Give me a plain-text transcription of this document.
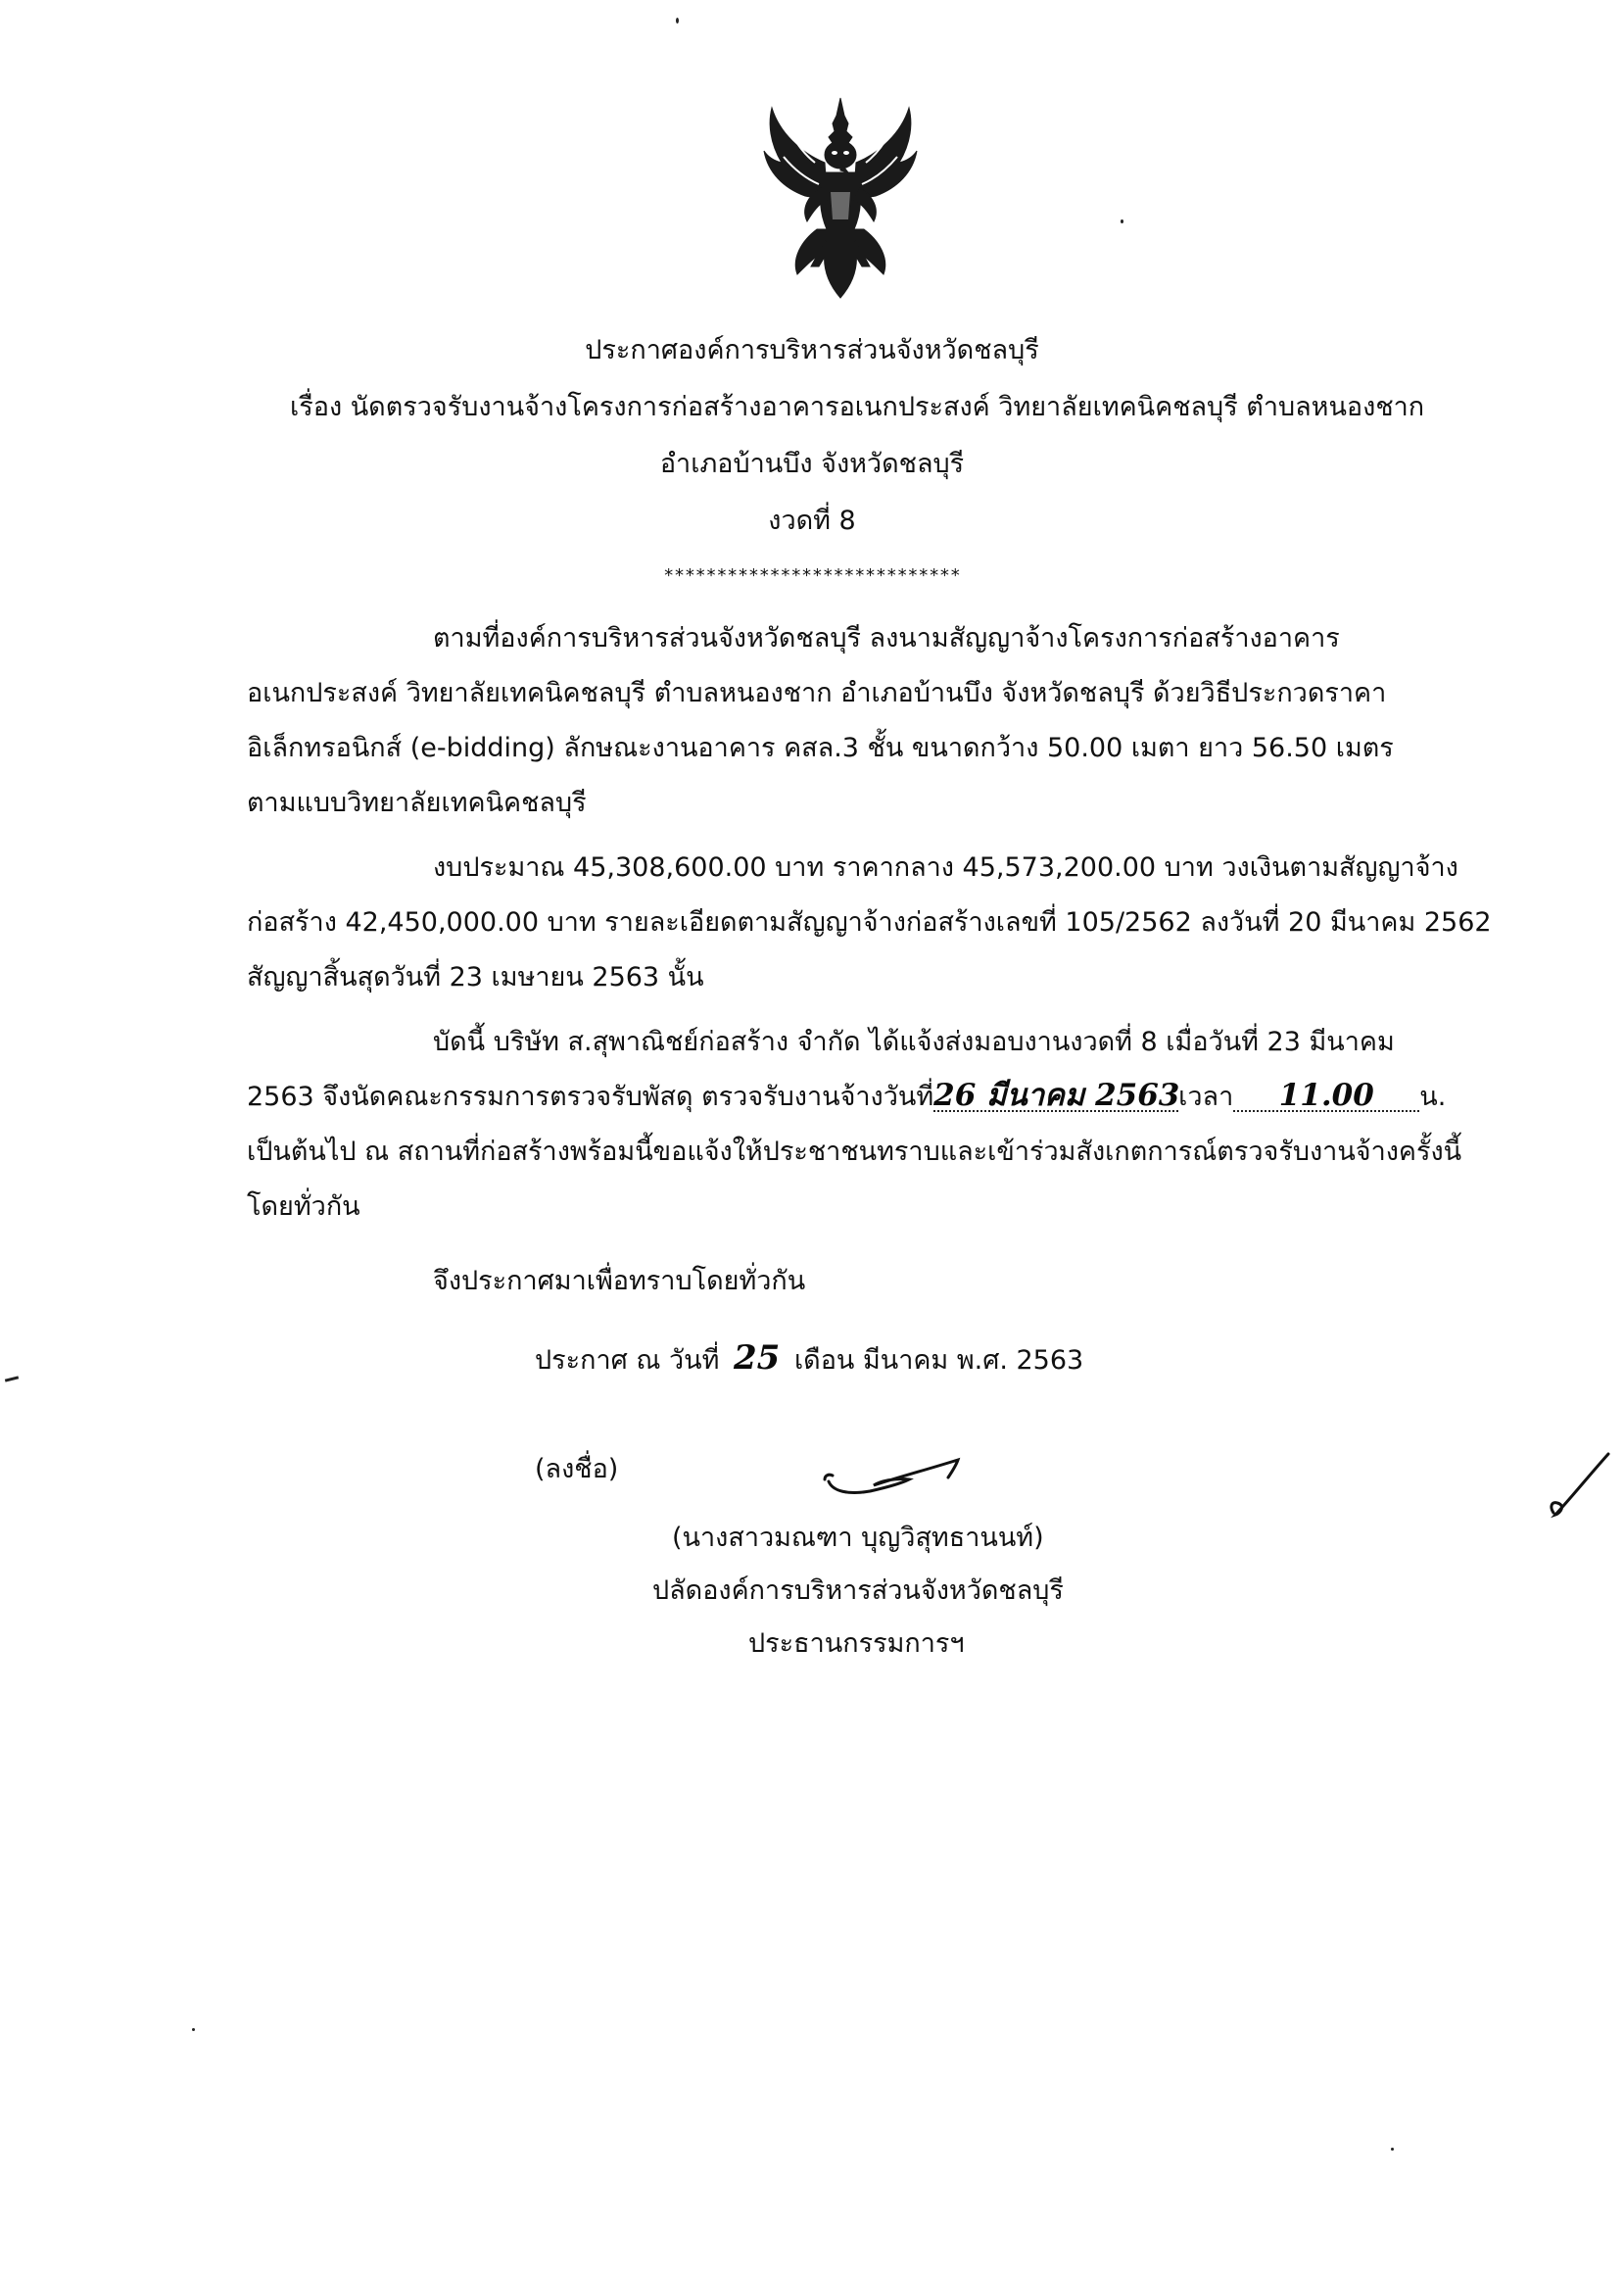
ประกาศองค์การบริหารส่วนจังหวัดชลบุรี
เรื่อง นัดตรวจรับงานจ้างโครงการก่อสร้างอาคารอเนกประสงค์ วิทยาลัยเทคนิคชลบุรี ตำบลหนองชาก
อำเภอบ้านบึง จังหวัดชลบุรี
งวดที่ 8
****************************
ตามที่องค์การบริหารส่วนจังหวัดชลบุรี ลงนามสัญญาจ้างโครงการก่อสร้างอาคาร
อเนกประสงค์ วิทยาลัยเทคนิคชลบุรี ตำบลหนองชาก อำเภอบ้านบึง จังหวัดชลบุรี ด้วยวิธีประกวดราคา
อิเล็กทรอนิกส์ (e-bidding) ลักษณะงานอาคาร คสล.3 ชั้น ขนาดกว้าง 50.00 เมตา ยาว 56.50 เมตร
ตามแบบวิทยาลัยเทคนิคชลบุรี
งบประมาณ 45,308,600.00 บาท ราคากลาง 45,573,200.00 บาท วงเงินตามสัญญาจ้าง
ก่อสร้าง 42,450,000.00 บาท รายละเอียดตามสัญญาจ้างก่อสร้างเลขที่ 105/2562 ลงวันที่ 20 มีนาคม 2562
สัญญาสิ้นสุดวันที่ 23 เมษายน 2563 นั้น
บัดนี้ บริษัท ส.สุพาณิชย์ก่อสร้าง จำกัด ได้แจ้งส่งมอบงานงวดที่ 8 เมื่อวันที่ 23 มีนาคม
2563 จึงนัดคณะกรรมการตรวจรับพัสดุ ตรวจรับงานจ้างวันที่26 มีนาคม 2563เวลา 11.00 น.
เป็นต้นไป ณ สถานที่ก่อสร้างพร้อมนี้ขอแจ้งให้ประชาชนทราบและเข้าร่วมสังเกตการณ์ตรวจรับงานจ้างครั้งนี้
โดยทั่วกัน
จึงประกาศมาเพื่อทราบโดยทั่วกัน
ประกาศ ณ วันที่ 25 เดือน มีนาคม พ.ศ. 2563
(ลงชื่อ)
(นางสาวมณฑา บุญวิสุทธานนท์)
ปลัดองค์การบริหารส่วนจังหวัดชลบุรี
ประธานกรรมการฯ
